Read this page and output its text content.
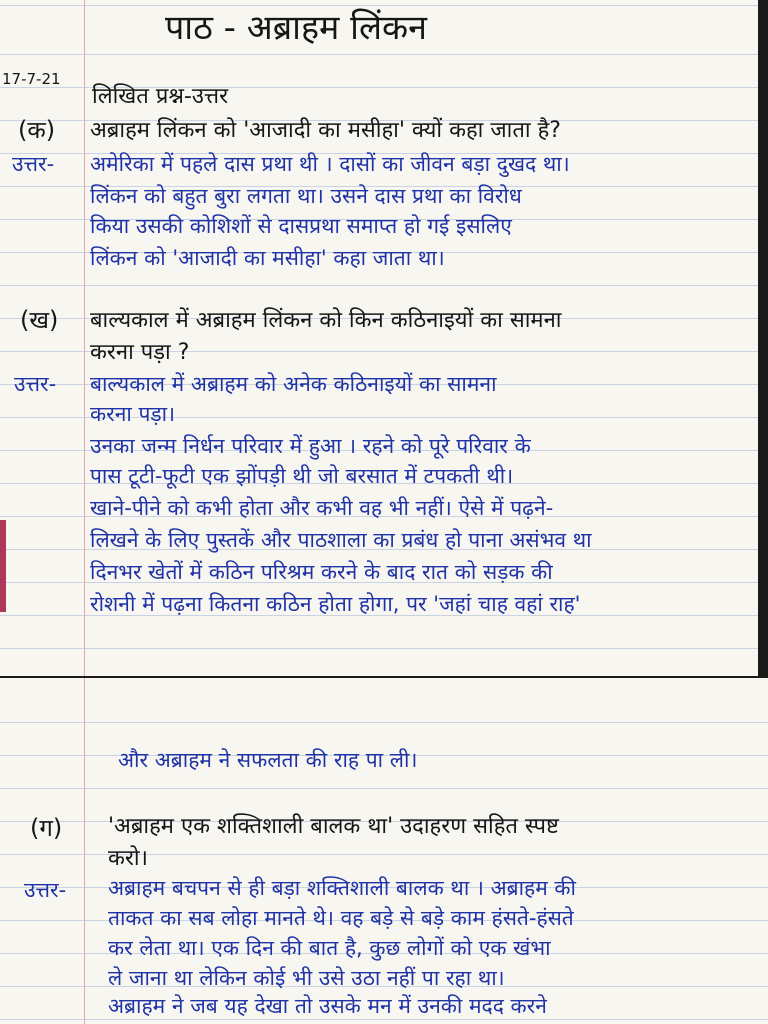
पाठ - अब्राहम लिंकन
17-7-21
लिखित प्रश्न-उत्तर
(क) अब्राहम लिंकन को 'आजादी का मसीहा' क्यों कहा जाता है?
उत्तर- अमेरिका में पहले दास प्रथा थी । दासों का जीवन बड़ा दुखद था।
लिंकन को बहुत बुरा लगता था। उसने दास प्रथा का विरोध
किया उसकी कोशिशों से दासप्रथा समाप्त हो गई इसलिए
लिंकन को 'आजादी का मसीहा' कहा जाता था।
(ख) बाल्यकाल में अब्राहम लिंकन को किन कठिनाइयों का सामना
करना पड़ा ?
उत्तर- बाल्यकाल में अब्राहम को अनेक कठिनाइयों का सामना
करना पड़ा।
उनका जन्म निर्धन परिवार में हुआ । रहने को पूरे परिवार के
पास टूटी-फूटी एक झोंपड़ी थी जो बरसात में टपकती थी।
खाने-पीने को कभी होता और कभी वह भी नहीं। ऐसे में पढ़ने-
लिखने के लिए पुस्तकें और पाठशाला का प्रबंध हो पाना असंभव था
दिनभर खेतों में कठिन परिश्रम करने के बाद रात को सड़क की
रोशनी में पढ़ना कितना कठिन होता होगा, पर 'जहां चाह वहां राह'
और अब्राहम ने सफलता की राह पा ली।
(ग) 'अब्राहम एक शक्तिशाली बालक था' उदाहरण सहित स्पष्ट
करो।
उत्तर- अब्राहम बचपन से ही बड़ा शक्तिशाली बालक था । अब्राहम की
ताकत का सब लोहा मानते थे। वह बड़े से बड़े काम हंसते-हंसते
कर लेता था। एक दिन की बात है, कुछ लोगों को एक खंभा
ले जाना था लेकिन कोई भी उसे उठा नहीं पा रहा था।
अब्राहम ने जब यह देखा तो उसके मन में उनकी मदद करने
